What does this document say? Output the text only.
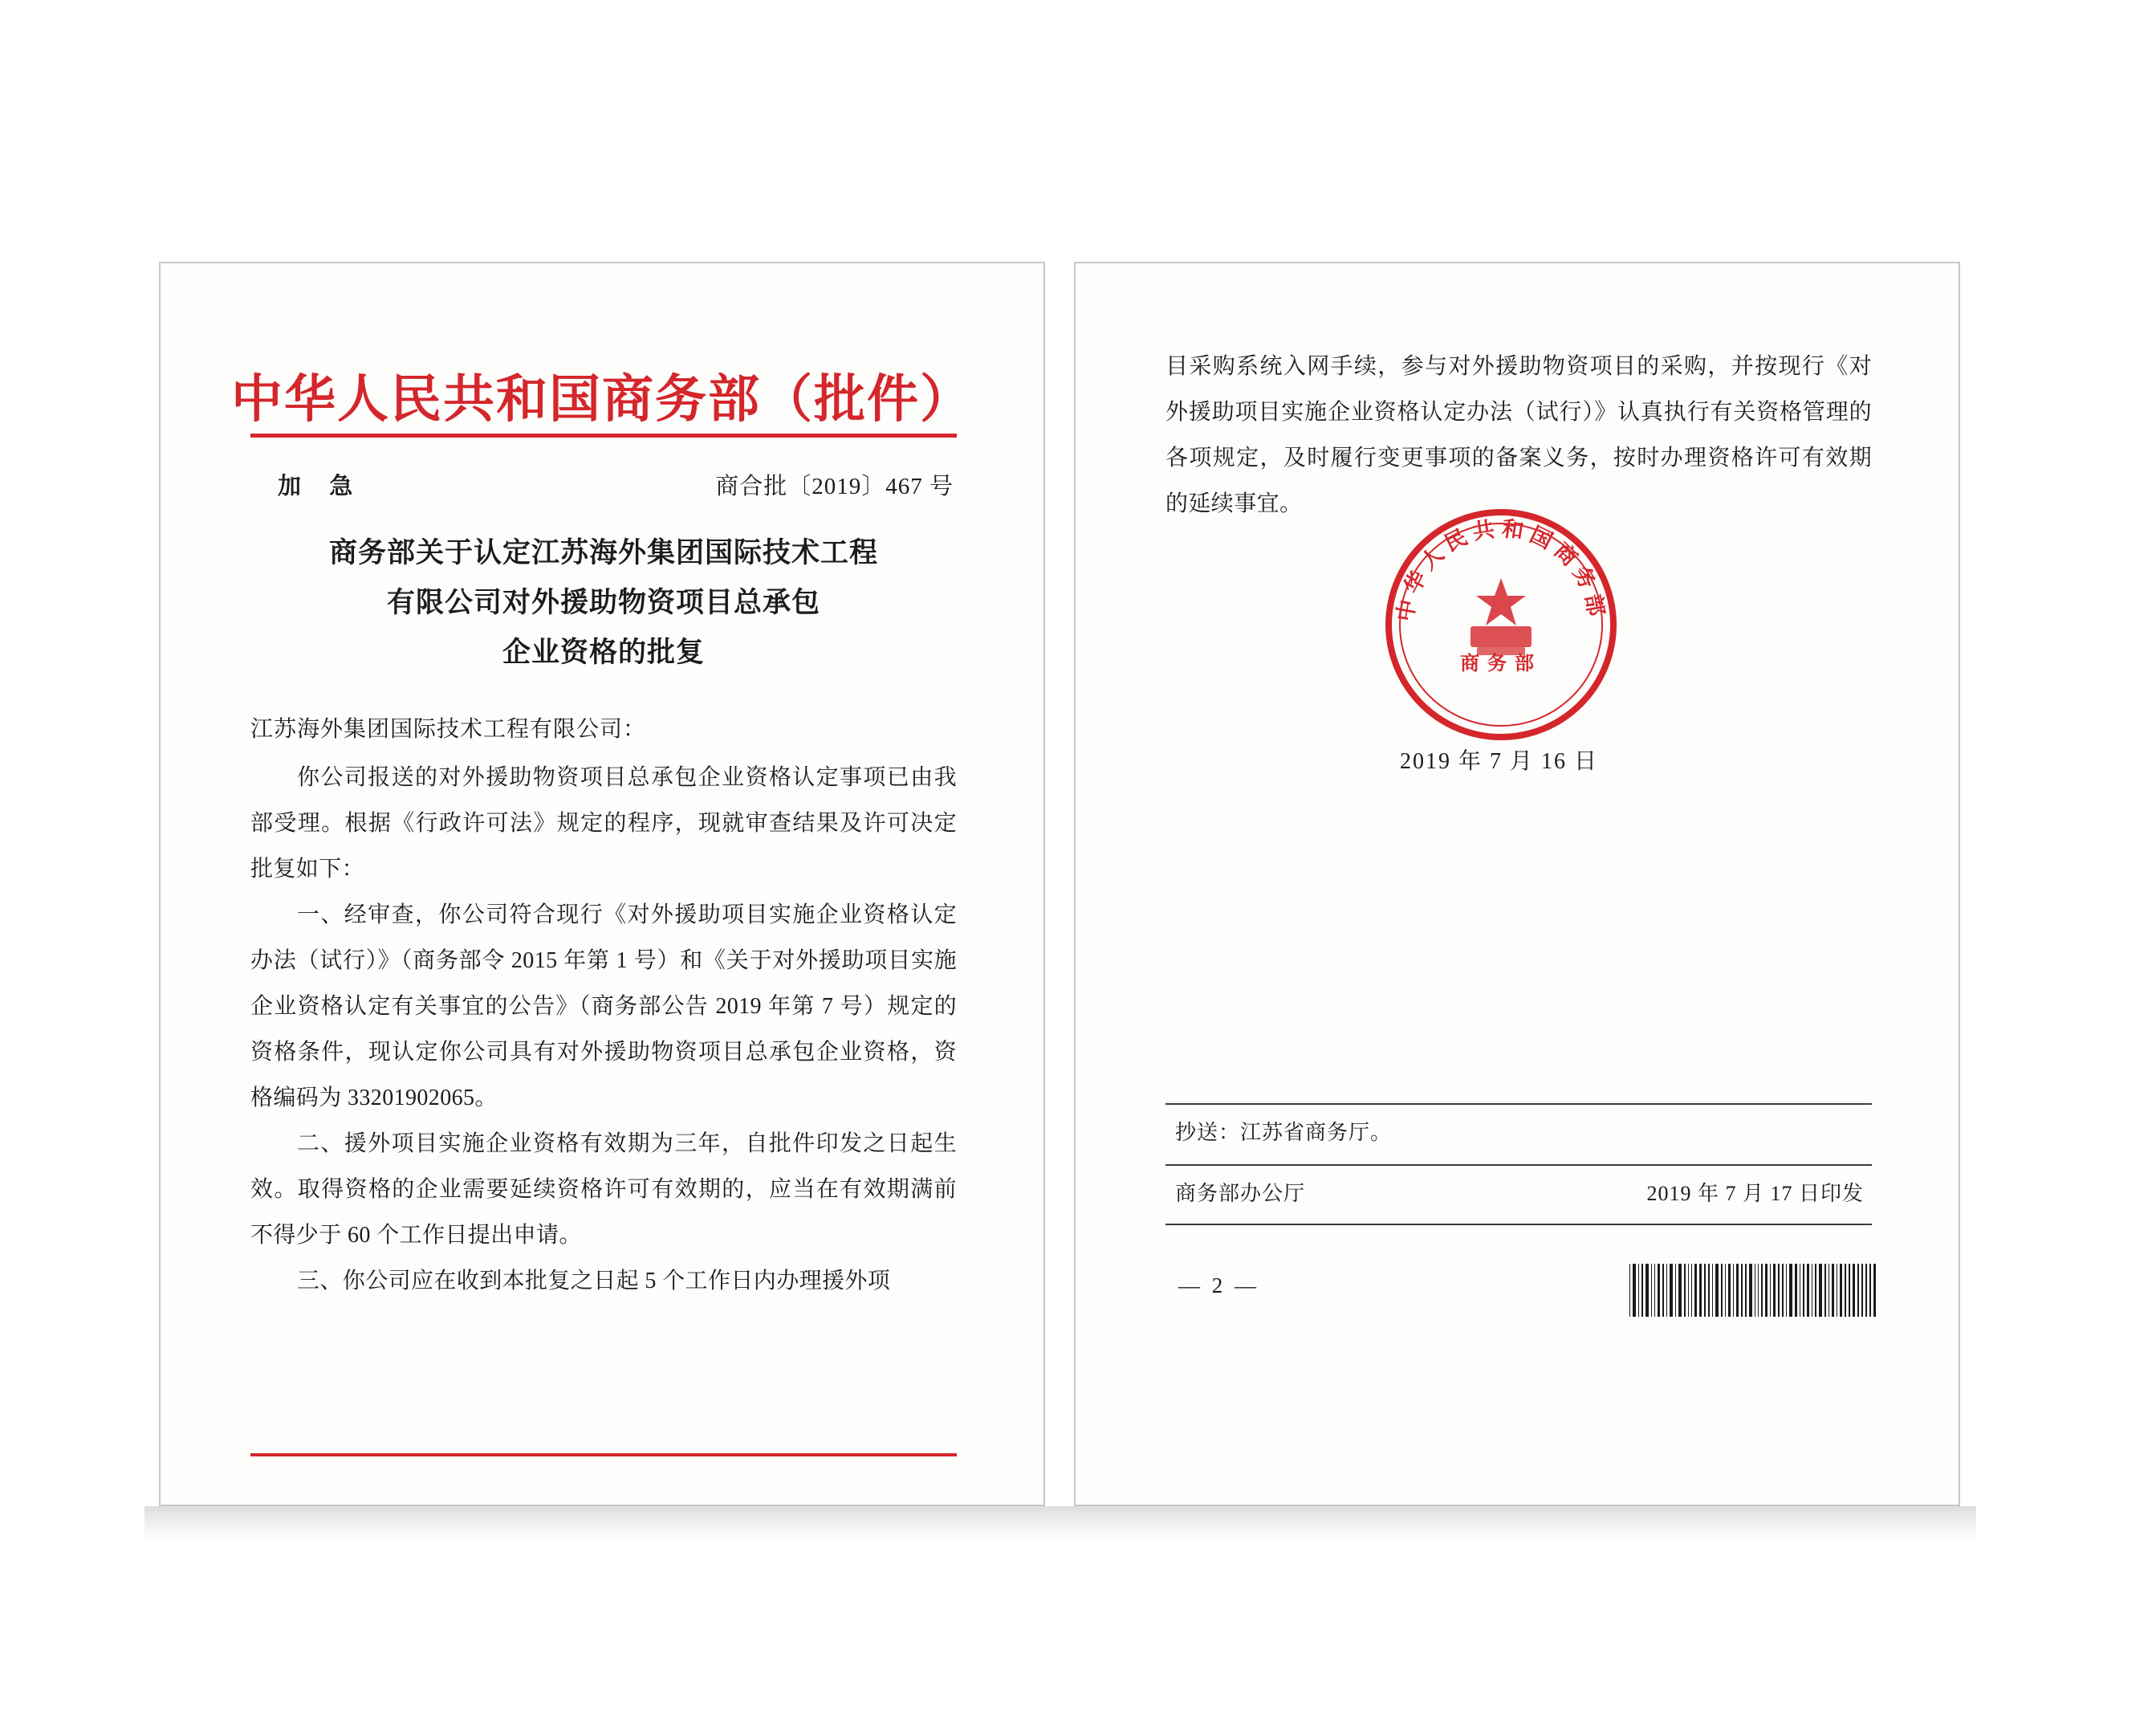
中华人民共和国商务部（批件）
加 急	商合批〔2019〕467 号
商务部关于认定江苏海外集团国际技术工程
有限公司对外援助物资项目总承包
企业资格的批复
江苏海外集团国际技术工程有限公司：

你公司报送的对外援助物资项目总承包企业资格认定事项已由我部受理。根据《行政许可法》规定的程序，现就审查结果及许可决定批复如下：

一、经审查，你公司符合现行《对外援助项目实施企业资格认定办法（试行）》（商务部令 2015 年第 1 号）和《关于对外援助项目实施企业资格认定有关事宜的公告》（商务部公告 2019 年第 7 号）规定的资格条件，现认定你公司具有对外援助物资项目总承包企业资格，资格编码为 33201902065。

二、援外项目实施企业资格有效期为三年，自批件印发之日起生效。取得资格的企业需要延续资格许可有效期的，应当在有效期满前不得少于 60 个工作日提出申请。

三、你公司应在收到本批复之日起 5 个工作日内办理援外项

目采购系统入网手续，参与对外援助物资项目的采购，并按现行《对外援助项目实施企业资格认定办法（试行）》认真执行有关资格管理的各项规定，及时履行变更事项的备案义务，按时办理资格许可有效期的延续事宜。

中华人民共和国商务部
商务部
2019 年 7 月 16 日
抄送：江苏省商务厅。
商务部办公厅	2019 年 7 月 17 日印发
— 2 —
